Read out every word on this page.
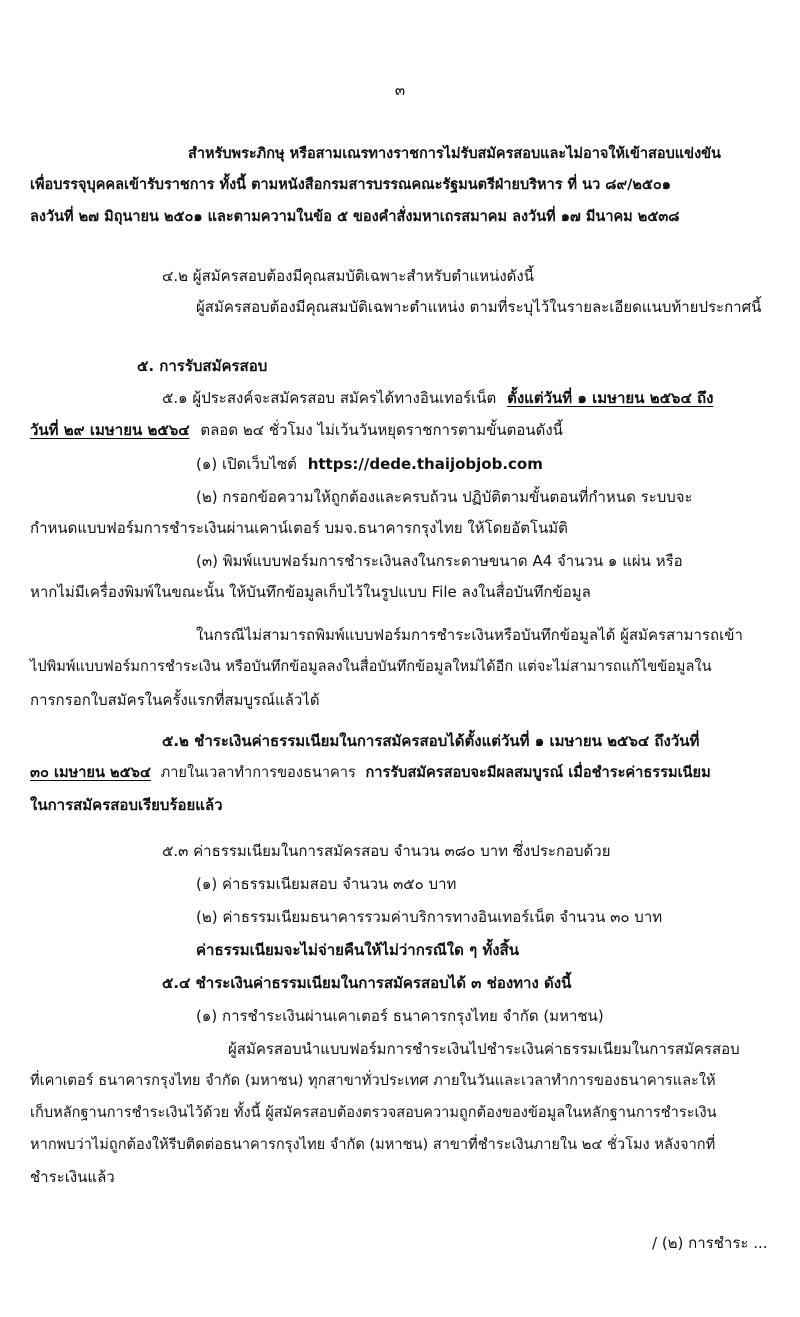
๓
สำหรับพระภิกษุ หรือสามเณรทางราชการไม่รับสมัครสอบและไม่อาจให้เข้าสอบแข่งขัน
เพื่อบรรจุบุคคลเข้ารับราชการ ทั้งนี้ ตามหนังสือกรมสารบรรณคณะรัฐมนตรีฝ่ายบริหาร ที่ นว ๘๙/๒๕๐๑
ลงวันที่ ๒๗ มิถุนายน ๒๕๐๑ และตามความในข้อ ๕ ของคำสั่งมหาเถรสมาคม ลงวันที่ ๑๗ มีนาคม ๒๕๓๘
๔.๒ ผู้สมัครสอบต้องมีคุณสมบัติเฉพาะสำหรับตำแหน่งดังนี้
ผู้สมัครสอบต้องมีคุณสมบัติเฉพาะตำแหน่ง ตามที่ระบุไว้ในรายละเอียดแนบท้ายประกาศนี้
๕. การรับสมัครสอบ
๕.๑ ผู้ประสงค์จะสมัครสอบ สมัครได้ทางอินเทอร์เน็ต ตั้งแต่วันที่ ๑ เมษายน ๒๕๖๔ ถึง
วันที่ ๒๙ เมษายน ๒๕๖๔ ตลอด ๒๔ ชั่วโมง ไม่เว้นวันหยุดราชการตามขั้นตอนดังนี้
(๑) เปิดเว็บไซต์ https://dede.thaijobjob.com
(๒) กรอกข้อความให้ถูกต้องและครบถ้วน ปฏิบัติตามขั้นตอนที่กำหนด ระบบจะ
กำหนดแบบฟอร์มการชำระเงินผ่านเคาน์เตอร์ บมจ.ธนาคารกรุงไทย ให้โดยอัตโนมัติ
(๓) พิมพ์แบบฟอร์มการชำระเงินลงในกระดาษขนาด A4 จำนวน ๑ แผ่น หรือ
หากไม่มีเครื่องพิมพ์ในขณะนั้น ให้บันทึกข้อมูลเก็บไว้ในรูปแบบ File ลงในสื่อบันทึกข้อมูล
ในกรณีไม่สามารถพิมพ์แบบฟอร์มการชำระเงินหรือบันทึกข้อมูลได้ ผู้สมัครสามารถเข้า
ไปพิมพ์แบบฟอร์มการชำระเงิน หรือบันทึกข้อมูลลงในสื่อบันทึกข้อมูลใหม่ได้อีก แต่จะไม่สามารถแก้ไขข้อมูลใน
การกรอกใบสมัครในครั้งแรกที่สมบูรณ์แล้วได้
๕.๒ ชำระเงินค่าธรรมเนียมในการสมัครสอบได้ตั้งแต่วันที่ ๑ เมษายน ๒๕๖๔ ถึงวันที่
๓๐ เมษายน ๒๕๖๔ ภายในเวลาทำการของธนาคาร การรับสมัครสอบจะมีผลสมบูรณ์ เมื่อชำระค่าธรรมเนียม
ในการสมัครสอบเรียบร้อยแล้ว
๕.๓ ค่าธรรมเนียมในการสมัครสอบ จำนวน ๓๘๐ บาท ซึ่งประกอบด้วย
(๑) ค่าธรรมเนียมสอบ จำนวน ๓๕๐ บาท
(๒) ค่าธรรมเนียมธนาคารรวมค่าบริการทางอินเทอร์เน็ต จำนวน ๓๐ บาท
ค่าธรรมเนียมจะไม่จ่ายคืนให้ไม่ว่ากรณีใด ๆ ทั้งสิ้น
๕.๔ ชำระเงินค่าธรรมเนียมในการสมัครสอบได้ ๓ ช่องทาง ดังนี้
(๑) การชำระเงินผ่านเคาเตอร์ ธนาคารกรุงไทย จำกัด (มหาชน)
ผู้สมัครสอบนำแบบฟอร์มการชำระเงินไปชำระเงินค่าธรรมเนียมในการสมัครสอบ
ที่เคาเตอร์ ธนาคารกรุงไทย จำกัด (มหาชน) ทุกสาขาทั่วประเทศ ภายในวันและเวลาทำการของธนาคารและให้
เก็บหลักฐานการชำระเงินไว้ด้วย ทั้งนี้ ผู้สมัครสอบต้องตรวจสอบความถูกต้องของข้อมูลในหลักฐานการชำระเงิน
หากพบว่าไม่ถูกต้องให้รีบติดต่อธนาคารกรุงไทย จำกัด (มหาชน) สาขาที่ชำระเงินภายใน ๒๔ ชั่วโมง หลังจากที่
ชำระเงินแล้ว
/ (๒) การชำระ ...
